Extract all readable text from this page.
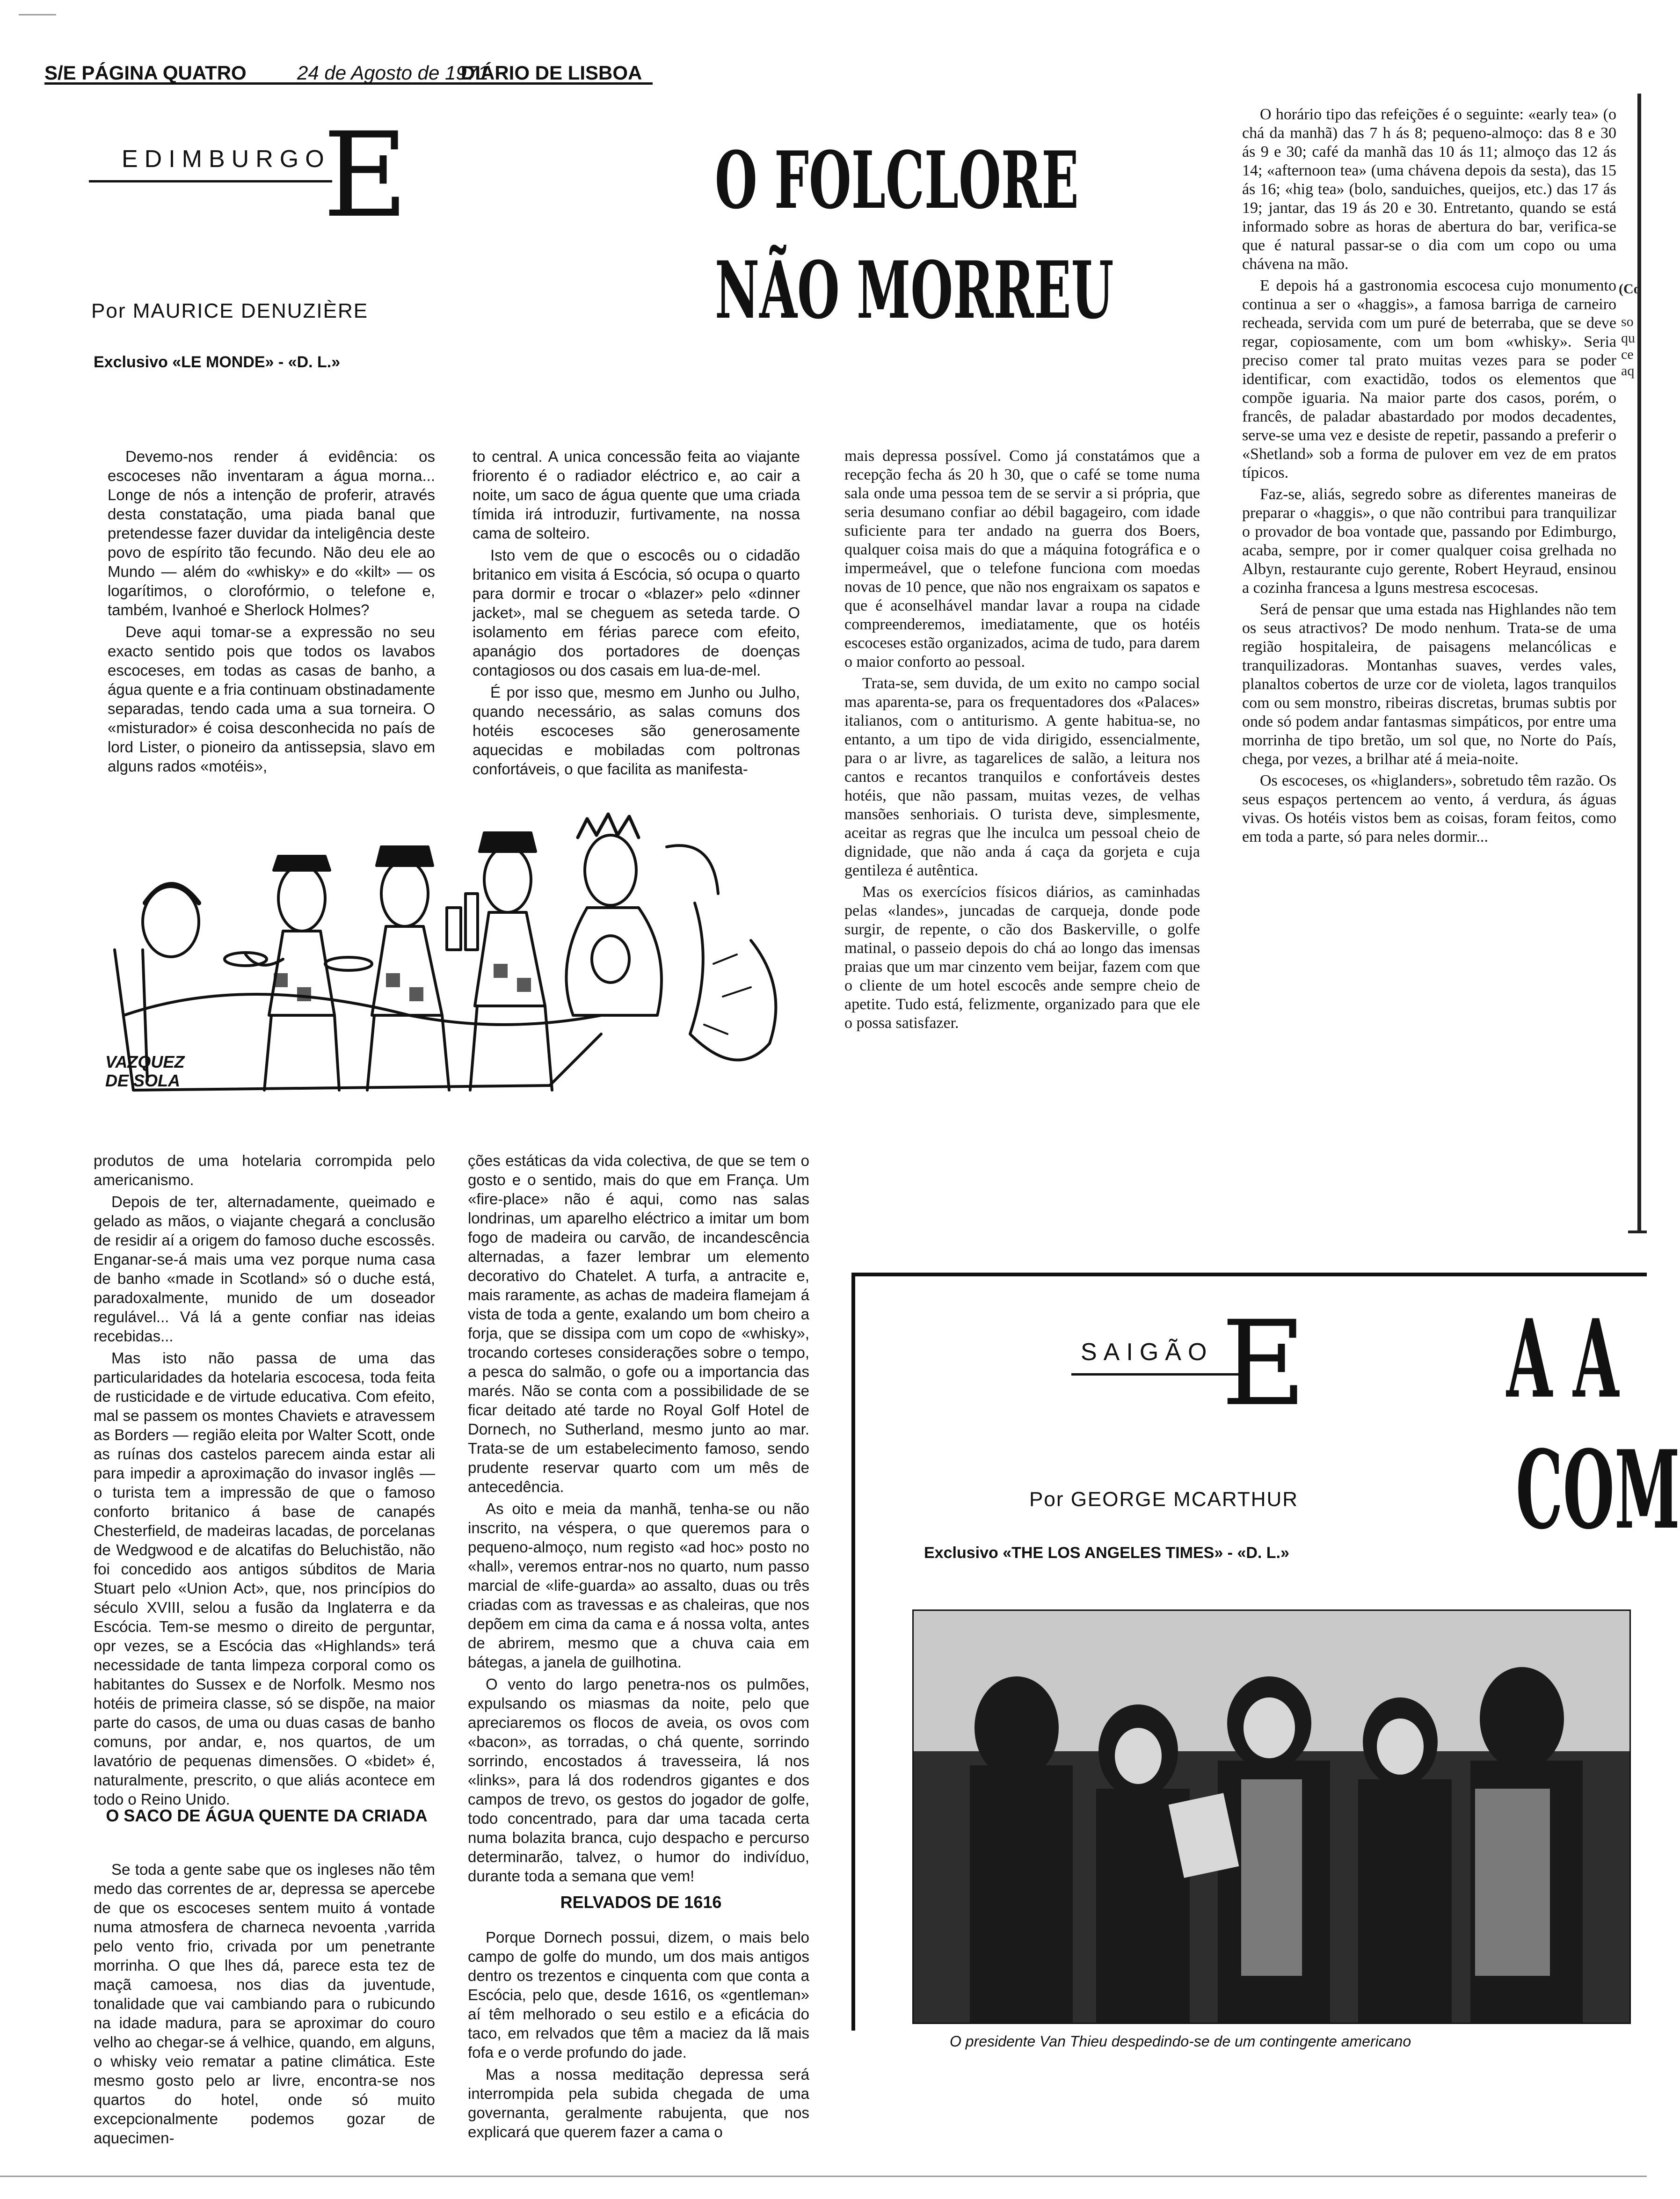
S/E PÁGINA QUATRO	24 de Agosto de 1971
DIÁRIO DE LISBOA
EDIMBURGO
E
Por MAURICE DENUZIÈRE
Exclusivo «LE MONDE» - «D. L.»
O FOLCLORE
NÃO MORREU

Devemo-nos render á evidência: os escoceses não inventaram a água morna... Longe de nós a intenção de proferir, através desta constatação, uma piada banal que pretendesse fazer duvidar da inteligência deste povo de espírito tão fecundo. Não deu ele ao Mundo — além do «whisky» e do «kilt» — os logarítimos, o clorofórmio, o telefone e, também, Ivanhoé e Sherlock Holmes?

Deve aqui tomar-se a expressão no seu exacto sentido pois que todos os lavabos escoceses, em todas as casas de banho, a água quente e a fria continuam obstinadamente separadas, tendo cada uma a sua torneira. O «misturador» é coisa desconhecida no país de lord Lister, o pioneiro da antissepsia, slavo em alguns rados «motéis»,

to central. A unica concessão feita ao viajante friorento é o radiador eléctrico e, ao cair a noite, um saco de água quente que uma criada tímida irá introduzir, furtivamente, na nossa cama de solteiro.

Isto vem de que o escocês ou o cidadão britanico em visita á Escócia, só ocupa o quarto para dormir e trocar o «blazer» pelo «dinner jacket», mal se cheguem as seteda tarde. O isolamento em férias parece com efeito, apanágio dos portadores de doenças contagiosos ou dos casais em lua-de-mel.

É por isso que, mesmo em Junho ou Julho, quando necessário, as salas comuns dos hotéis escoceses são generosamente aquecidas e mobiladas com poltronas confortáveis, o que facilita as manifesta-

VAZQUEZ DE SOLA

mais depressa possível. Como já constatámos que a recepção fecha ás 20 h 30, que o café se tome numa sala onde uma pessoa tem de se servir a si própria, que seria desumano confiar ao débil bagageiro, com idade suficiente para ter andado na guerra dos Boers, qualquer coisa mais do que a máquina fotográfica e o impermeável, que o telefone funciona com moedas novas de 10 pence, que não nos engraixam os sapatos e que é aconselhável mandar lavar a roupa na cidade compreenderemos, imediatamente, que os hotéis escoceses estão organizados, acima de tudo, para darem o maior conforto ao pessoal.

Trata-se, sem duvida, de um exito no campo social mas aparenta-se, para os frequentadores dos «Palaces» italianos, com o antiturismo. A gente habitua-se, no entanto, a um tipo de vida dirigido, essencialmente, para o ar livre, as tagarelices de salão, a leitura nos cantos e recantos tranquilos e confortáveis destes hotéis, que não passam, muitas vezes, de velhas mansões senhoriais. O turista deve, simplesmente, aceitar as regras que lhe inculca um pessoal cheio de dignidade, que não anda á caça da gorjeta e cuja gentileza é autêntica.

Mas os exercícios físicos diários, as caminhadas pelas «landes», juncadas de carqueja, donde pode surgir, de repente, o cão dos Baskerville, o golfe matinal, o passeio depois do chá ao longo das imensas praias que um mar cinzento vem beijar, fazem com que o cliente de um hotel escocês ande sempre cheio de apetite. Tudo está, felizmente, organizado para que ele o possa satisfazer.

O horário tipo das refeições é o seguinte: «early tea» (o chá da manhã) das 7 h ás 8; pequeno-almoço: das 8 e 30 ás 9 e 30; café da manhã das 10 ás 11; almoço das 12 ás 14; «afternoon tea» (uma chávena depois da sesta), das 15 ás 16; «hig tea» (bolo, sanduiches, queijos, etc.) das 17 ás 19; jantar, das 19 ás 20 e 30. Entretanto, quando se está informado sobre as horas de abertura do bar, verifica-se que é natural passar-se o dia com um copo ou uma chávena na mão.

E depois há a gastronomia escocesa cujo monumento continua a ser o «haggis», a famosa barriga de carneiro recheada, servida com um puré de beterraba, que se deve regar, copiosamente, com um bom «whisky». Seria preciso comer tal prato muitas vezes para se poder identificar, com exactidão, todos os elementos que compõe iguaria. Na maior parte dos casos, porém, o francês, de paladar abastardado por modos decadentes, serve-se uma vez e desiste de repetir, passando a preferir o «Shetland» sob a forma de pulover em vez de em pratos típicos.

Faz-se, aliás, segredo sobre as diferentes maneiras de preparar o «haggis», o que não contribui para tranquilizar o provador de boa vontade que, passando por Edimburgo, acaba, sempre, por ir comer qualquer coisa grelhada no Albyn, restaurante cujo gerente, Robert Heyraud, ensinou a cozinha francesa a lguns mestresa escocesas.

Será de pensar que uma estada nas Highlandes não tem os seus atractivos? De modo nenhum. Trata-se de uma região hospitaleira, de paisagens melancólicas e tranquilizadoras. Montanhas suaves, verdes vales, planaltos cobertos de urze cor de violeta, lagos tranquilos com ou sem monstro, ribeiras discretas, brumas subtis por onde só podem andar fantasmas simpáticos, por entre uma morrinha de tipo bretão, um sol que, no Norte do País, chega, por vezes, a brilhar até á meia-noite.

Os escoceses, os «higlanders», sobretudo têm razão. Os seus espaços pertencem ao vento, á verdura, ás águas vivas. Os hotéis vistos bem as coisas, foram feitos, como em toda a parte, só para neles dormir...

produtos de uma hotelaria corrompida pelo americanismo.

Depois de ter, alternadamente, queimado e gelado as mãos, o viajante chegará a conclusão de residir aí a origem do famoso duche escossês. Enganar-se-á mais uma vez porque numa casa de banho «made in Scotland» só o duche está, paradoxalmente, munido de um doseador regulável... Vá lá a gente confiar nas ideias recebidas...

Mas isto não passa de uma das particularidades da hotelaria escocesa, toda feita de rusticidade e de virtude educativa. Com efeito, mal se passem os montes Chaviets e atravessem as Borders — região eleita por Walter Scott, onde as ruínas dos castelos parecem ainda estar ali para impedir a aproximação do invasor inglês — o turista tem a impressão de que o famoso conforto britanico á base de canapés Chesterfield, de madeiras lacadas, de porcelanas de Wedgwood e de alcatifas do Beluchistão, não foi concedido aos antigos súbditos de Maria Stuart pelo «Union Act», que, nos princípios do século XVIII, selou a fusão da Inglaterra e da Escócia. Tem-se mesmo o direito de perguntar, opr vezes, se a Escócia das «Highlands» terá necessidade de tanta limpeza corporal como os habitantes do Sussex e de Norfolk. Mesmo nos hotéis de primeira classe, só se dispõe, na maior parte do casos, de uma ou duas casas de banho comuns, por andar, e, nos quartos, de um lavatório de pequenas dimensões. O «bidet» é, naturalmente, prescrito, o que aliás acontece em todo o Reino Unido.

O SACO DE ÁGUA QUENTE DA CRIADA

Se toda a gente sabe que os ingleses não têm medo das correntes de ar, depressa se apercebe de que os escoceses sentem muito á vontade numa atmosfera de charneca nevoenta ,varrida pelo vento frio, crivada por um penetrante morrinha. O que lhes dá, parece esta tez de maçã camoesa, nos dias da juventude, tonalidade que vai cambiando para o rubicundo na idade madura, para se aproximar do couro velho ao chegar-se á velhice, quando, em alguns, o whisky veio rematar a patine climática. Este mesmo gosto pelo ar livre, encontra-se nos quartos do hotel, onde só muito excepcionalmente podemos gozar de aquecimen-

ções estáticas da vida colectiva, de que se tem o gosto e o sentido, mais do que em França. Um «fire-place» não é aqui, como nas salas londrinas, um aparelho eléctrico a imitar um bom fogo de madeira ou carvão, de incandescência alternadas, a fazer lembrar um elemento decorativo do Chatelet. A turfa, a antracite e, mais raramente, as achas de madeira flamejam á vista de toda a gente, exalando um bom cheiro a forja, que se dissipa com um copo de «whisky», trocando corteses considerações sobre o tempo, a pesca do salmão, o gofe ou a importancia das marés. Não se conta com a possibilidade de se ficar deitado até tarde no Royal Golf Hotel de Dornech, no Sutherland, mesmo junto ao mar. Trata-se de um estabelecimento famoso, sendo prudente reservar quarto com um mês de antecedência.

As oito e meia da manhã, tenha-se ou não inscrito, na véspera, o que queremos para o pequeno-almoço, num registo «ad hoc» posto no «hall», veremos entrar-nos no quarto, num passo marcial de «life-guarda» ao assalto, duas ou três criadas com as travessas e as chaleiras, que nos depõem em cima da cama e á nossa volta, antes de abrirem, mesmo que a chuva caia em bátegas, a janela de guilhotina.

O vento do largo penetra-nos os pulmões, expulsando os miasmas da noite, pelo que apreciaremos os flocos de aveia, os ovos com «bacon», as torradas, o chá quente, sorrindo sorrindo, encostados á travesseira, lá nos «links», para lá dos rodendros gigantes e dos campos de trevo, os gestos do jogador de golfe, todo concentrado, para dar uma tacada certa numa bolazita branca, cujo despacho e percurso determinarão, talvez, o humor do indivíduo, durante toda a semana que vem!

RELVADOS DE 1616

Porque Dornech possui, dizem, o mais belo campo de golfe do mundo, um dos mais antigos dentro os trezentos e cinquenta com que conta a Escócia, pelo que, desde 1616, os «gentleman» aí têm melhorado o seu estilo e a eficácia do taco, em relvados que têm a maciez da lã mais fofa e o verde profundo do jade.

Mas a nossa meditação depressa será interrompida pela subida chegada de uma governanta, geralmente rabujenta, que nos explicará que querem fazer a cama o

(Co
so
qu
ce
aq
SAIGÃO E A A
COM
Por GEORGE MCARTHUR
Exclusivo «THE LOS ANGELES TIMES» - «D. L.»
O presidente Van Thieu despedindo-se de um contingente americano
